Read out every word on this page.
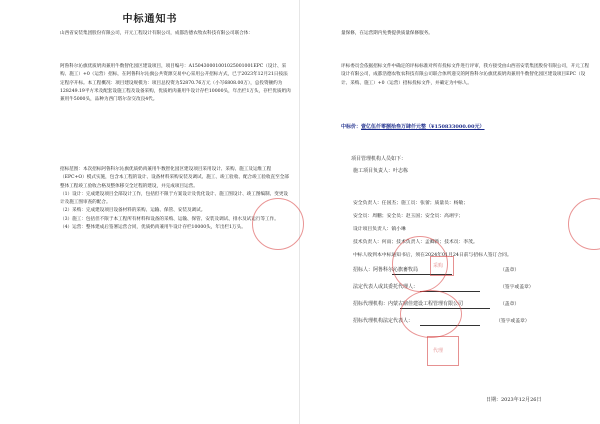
中标通知书
山西省安装集团股份有限公司，开元工程设计有限公司，成都浩德农牧农科技有限公司联合体：
阿鲁科尔沁旗优质奶肉兼用牛数智化园区建设项目，项目编号：A150430001001025001001EPC（设计、采购、施工）+0（运营）招标，在阿鲁科尔沁旗公共资源交易中心采用公开招标方式，已于2023年12月21日按法定程序开标。本工程概况：项目建设规模为：项目总投资为52870.76万元（小写6808.00万），总投资额约为128249.19平方米及配套设施工程及设备采购，优质奶肉兼用牛设计存栏10000头，年出栏1万头，存栏优质奶肉兼用牛5000头，品种为西门塔尔杂交改良4代。
招标范围：本次招标阿鲁科尔沁旗优质奶肉兼用牛数智化园区建设项目采用设计、采购、施工及运维工程（EPC+O）模式实施，包含本工程的设计、设备材料采购安装及调试、施工、竣工验收、配合竣工验收直至全部整体工程竣工验收合格及整体移交全过程的建设，并完成项目运营。
（1）设计：完成建设项目全部设计工作，包括但不限于方案设计及优化设计、施工图设计、竣工图编制、变更设计及施工图审查的配合。
（2）采购：完成建设项目设备材料的采购、运输、保管、安装及调试。
（3）施工：包括但不限于本工程所有材料和设备的采购、运输、保管、安装及调试、排水及试运行等工作。
（4）运营：整体建成后签署运营合同，优质奶肉兼用牛设计存栏10000头，年出栏1万头。
量保修，在运营期内免费提供质量保修服务。
评标委员会依据招标文件中确定的评标标准对所有投标文件进行评审，我方接受由山西省安装集团股份有限公司，开元工程设计有限公司，成都浩德农牧农科技有限公司联合体所递交的阿鲁科尔沁旗优质奶肉兼用牛数智化园区建设项目EPC（设计、采购、施工）+0（运营）招标投标文件，并确定为中标人。
中标价：壹亿伍仟零捌拾叁万肆仟元整（¥150833000.00元）
项目管理机构人员如下：
施工项目负责人：叶志栋
安全负责人：任国杰；施工员：张蕾；质量员：杨敏；
安全员：周鹏；安全员：赵玉国；安全员：高翊宇；
设计项目负责人：镇小琳
技术负责人：何雨；技术负责人：孟卿新；技术员：李茂。
中标人收到本中标通知书后，须在2024年01月24日前与招标人签订合同。
招标人：阿鲁科尔沁旗畜牧局	（盖章）
法定代表人或其委托代理人：	（签字或盖章）
招标代理机构：内蒙古鼎佳建设工程管理有限公司	（盖章）
招标代理机构法定代表人：	（签字或盖章）
日期：2023年12月26日
采购
代理
